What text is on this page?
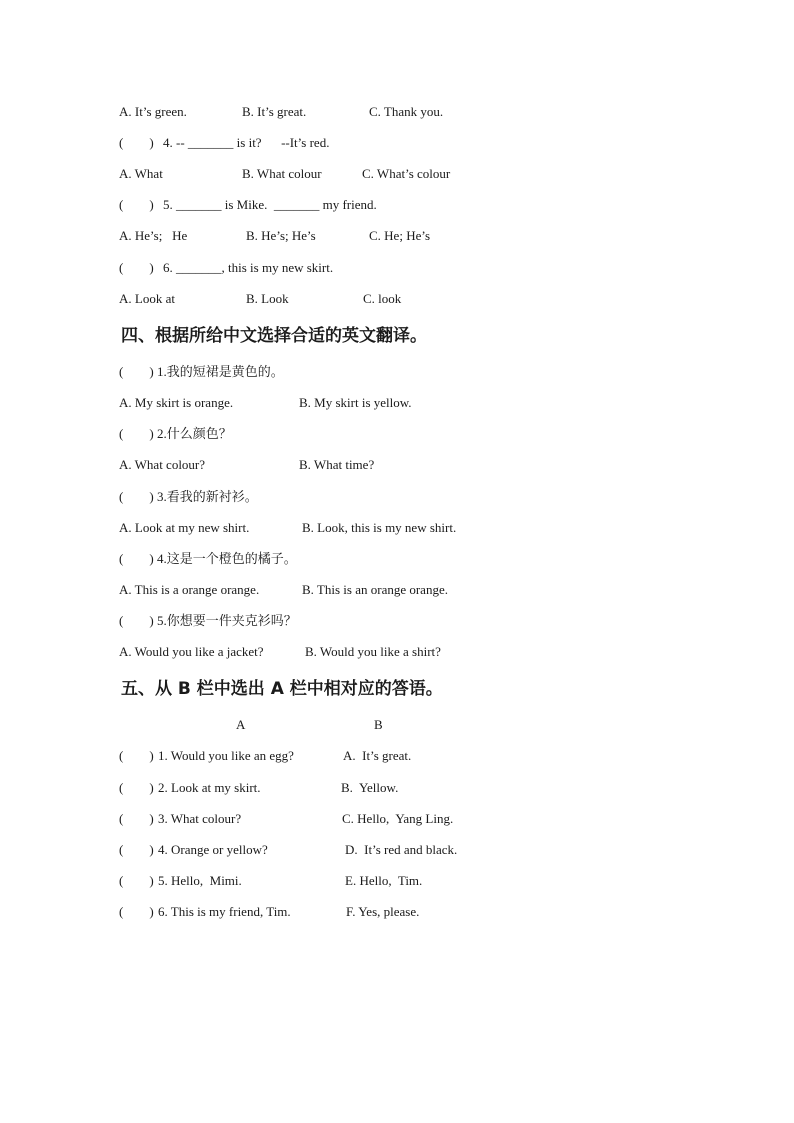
A. It’s green.	B. It’s great.	C. Thank you.
(        ) 4. -- _______ is it?      --It’s red.
A. What	B. What colour	C. What’s colour
(        ) 5. _______ is Mike.  _______ my friend.
A. He’s;   He	B. He’s; He’s	C. He; He’s
(        ) 6. _______, this is my new skirt.
A. Look at	B. Look	C. look
四、根据所给中文选择合适的英文翻译。
(        ) 1.我的短裙是黄色的。
A. My skirt is orange.	B. My skirt is yellow.
(        ) 2.什么颜色？
A. What colour?	B. What time?
(        ) 3.看我的新衬衫。
A. Look at my new shirt.	B. Look, this is my new shirt.
(        ) 4.这是一个橙色的橘子。
A. This is a orange orange.	B. This is an orange orange.
(        ) 5.你想要一件夹克衫吗？
A. Would you like a jacket?	B. Would you like a shirt?
五、从 B 栏中选出 A 栏中相对应的答语。
A	B
(        ) 1. Would you like an egg?	A.  It’s great.
(        ) 2. Look at my skirt.	B.  Yellow.
(        ) 3. What colour?	C. Hello,  Yang Ling.
(        ) 4. Orange or yellow?	D.  It’s red and black.
(        ) 5. Hello,  Mimi.	E. Hello,  Tim.
(        ) 6. This is my friend, Tim.	F. Yes, please.
